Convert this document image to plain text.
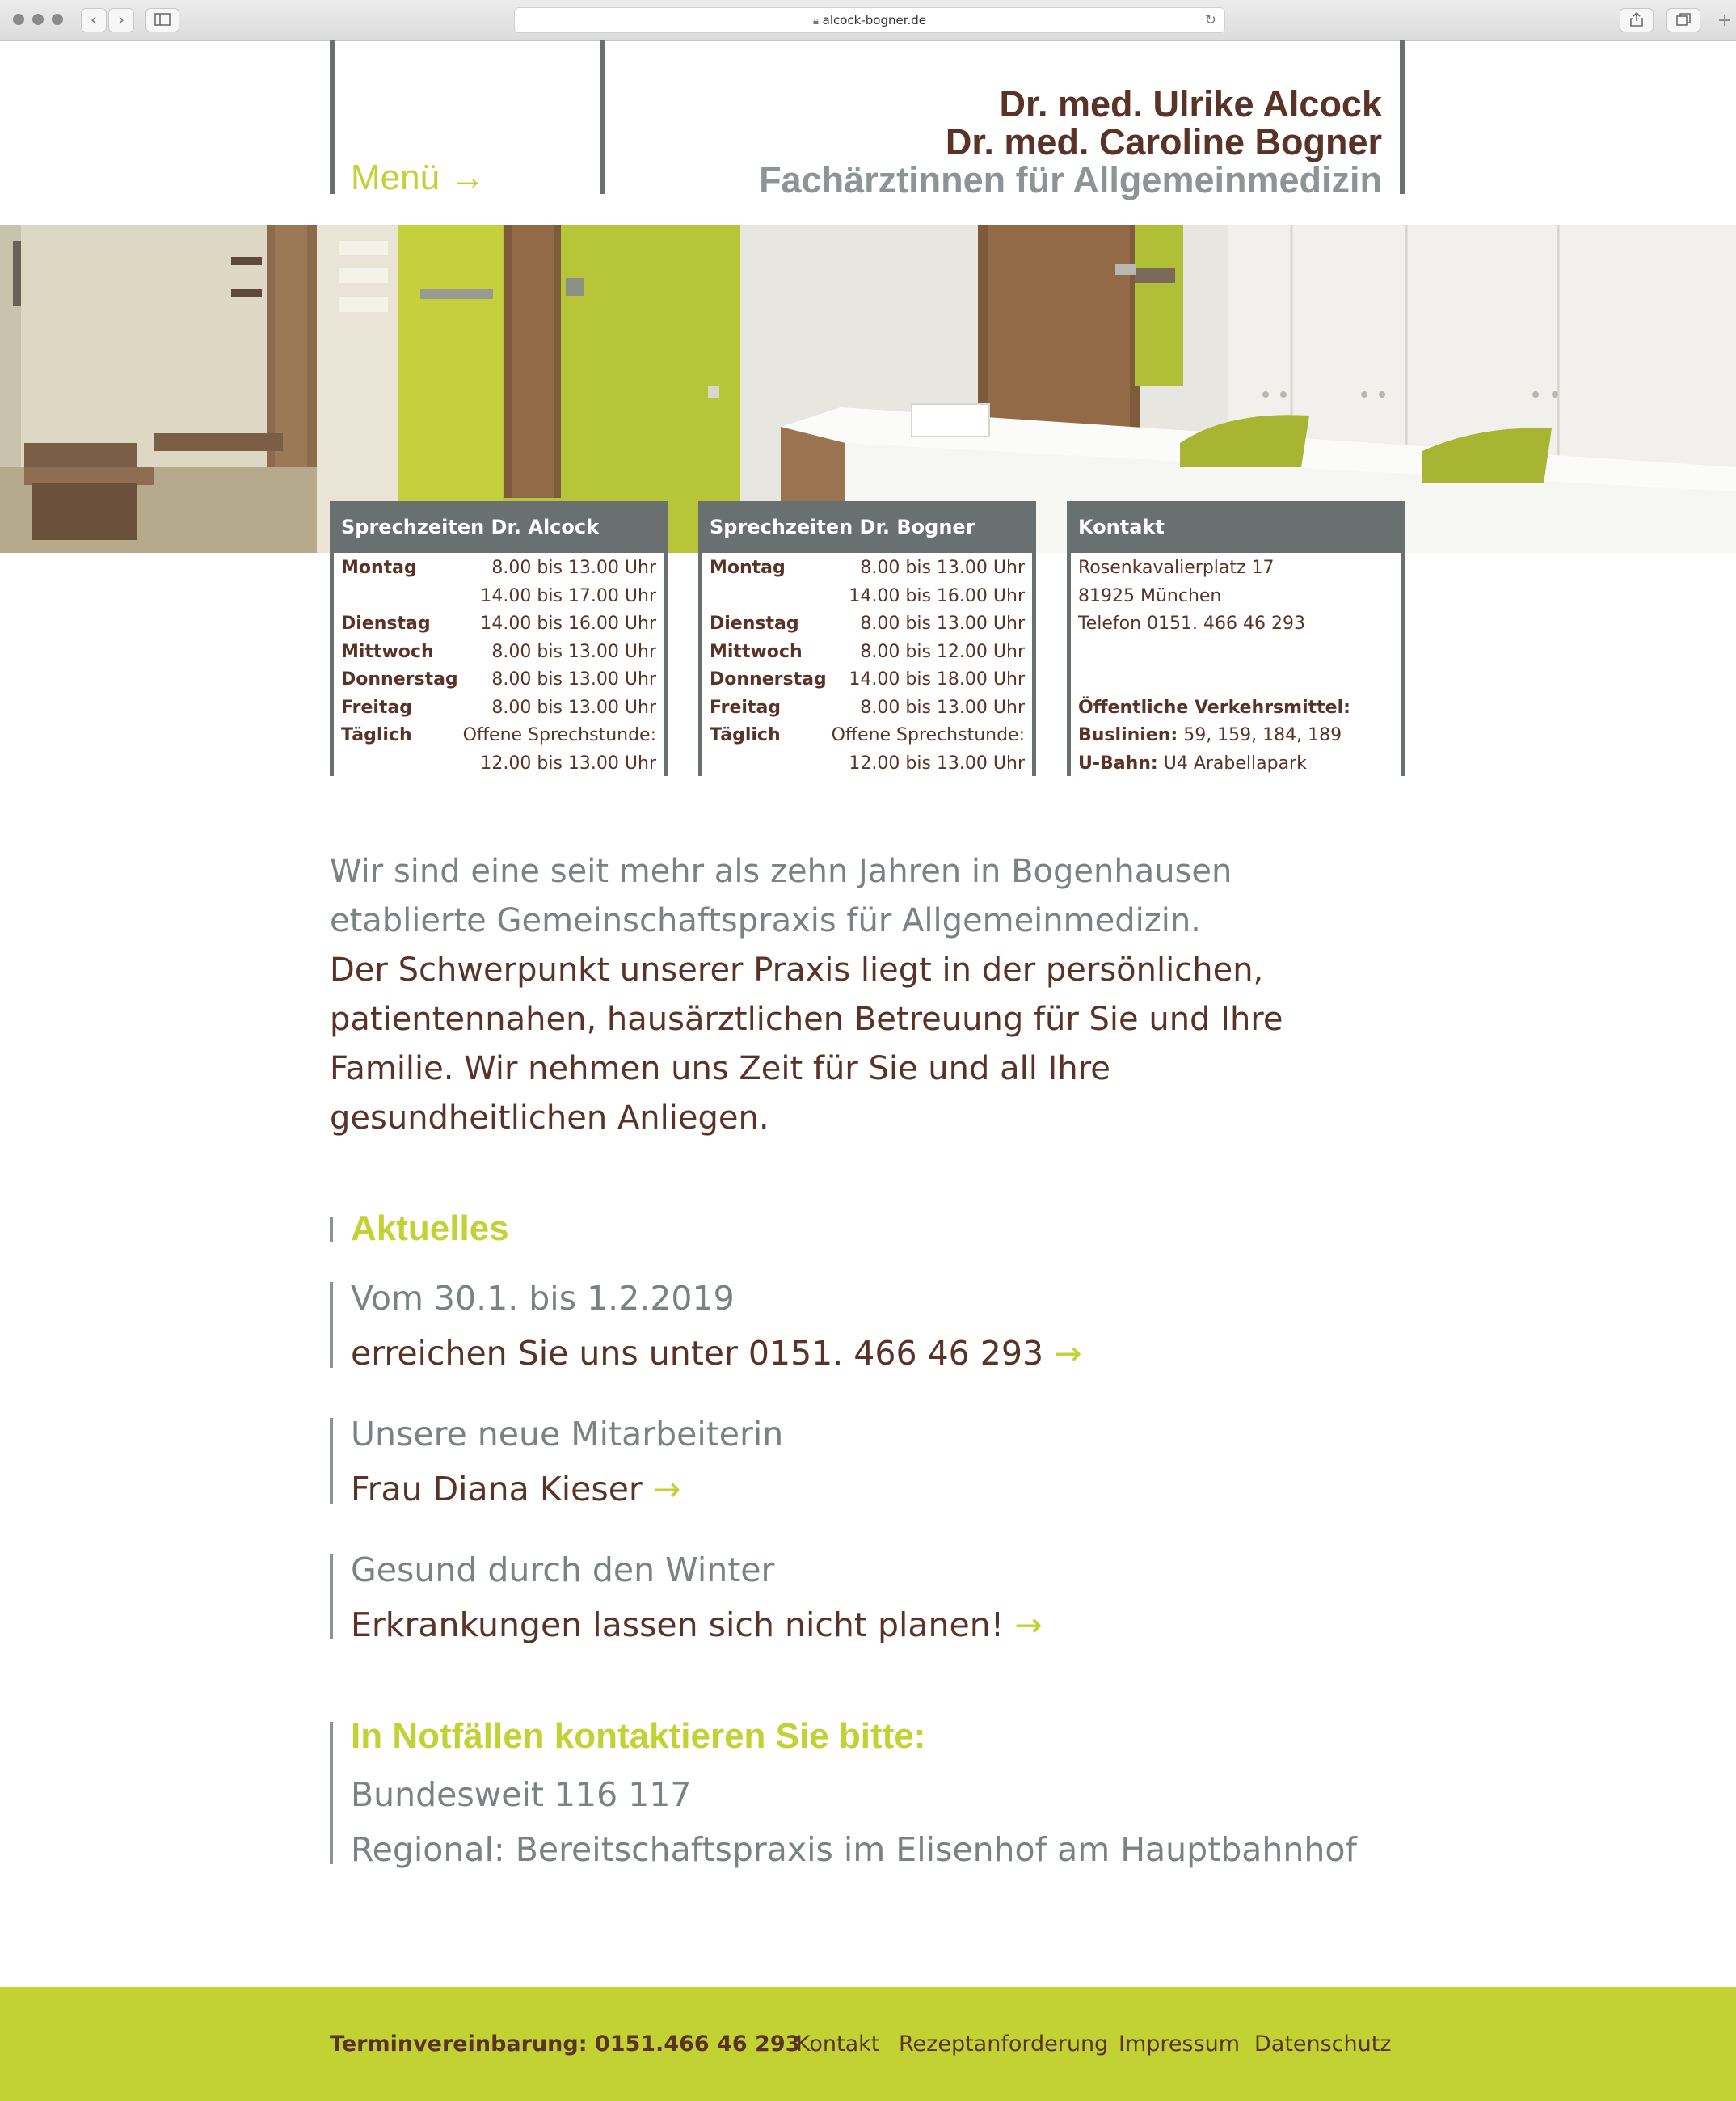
‹	›	🔒︎ alcock-bogner.de	↻	+
Menü →
Dr. med. Ulrike Alcock
Dr. med. Caroline Bogner
Fachärztinnen für Allgemeinmedizin
Sprechzeiten Dr. Alcock
Montag	8.00 bis 13.00 Uhr
14.00 bis 17.00 Uhr
Dienstag	14.00 bis 16.00 Uhr
Mittwoch	8.00 bis 13.00 Uhr
Donnerstag 8.00 bis 13.00 Uhr
Freitag	8.00 bis 13.00 Uhr
Täglich	Offene Sprechstunde:
12.00 bis 13.00 Uhr
Sprechzeiten Dr. Bogner
Montag	8.00 bis 13.00 Uhr
14.00 bis 16.00 Uhr
Dienstag	8.00 bis 13.00 Uhr
Mittwoch	8.00 bis 12.00 Uhr
Donnerstag 14.00 bis 18.00 Uhr
Freitag	8.00 bis 13.00 Uhr
Täglich	Offene Sprechstunde:
12.00 bis 13.00 Uhr
Kontakt
Rosenkavalierplatz 17
81925 München
Telefon 0151. 466 46 293
Öffentliche Verkehrsmittel:
Buslinien: 59, 159, 184, 189
U-Bahn: U4 Arabellapark
Wir sind eine seit mehr als zehn Jahren in Bogenhausen
etablierte Gemeinschaftspraxis für Allgemeinmedizin.
Der Schwerpunkt unserer Praxis liegt in der persönlichen,
patientennahen, hausärztlichen Betreuung für Sie und Ihre
Familie. Wir nehmen uns Zeit für Sie und all Ihre
gesundheitlichen Anliegen.
Aktuelles
Vom 30.1. bis 1.2.2019
erreichen Sie uns unter 0151. 466 46 293 →
Unsere neue Mitarbeiterin
Frau Diana Kieser →
Gesund durch den Winter
Erkrankungen lassen sich nicht planen! →
In Notfällen kontaktieren Sie bitte:
Bundesweit 116 117
Regional: Bereitschaftspraxis im Elisenhof am Hauptbahnhof
Terminvereinbarung: 0151.466 46 293
Kontakt Rezeptanforderung Impressum Datenschutz
